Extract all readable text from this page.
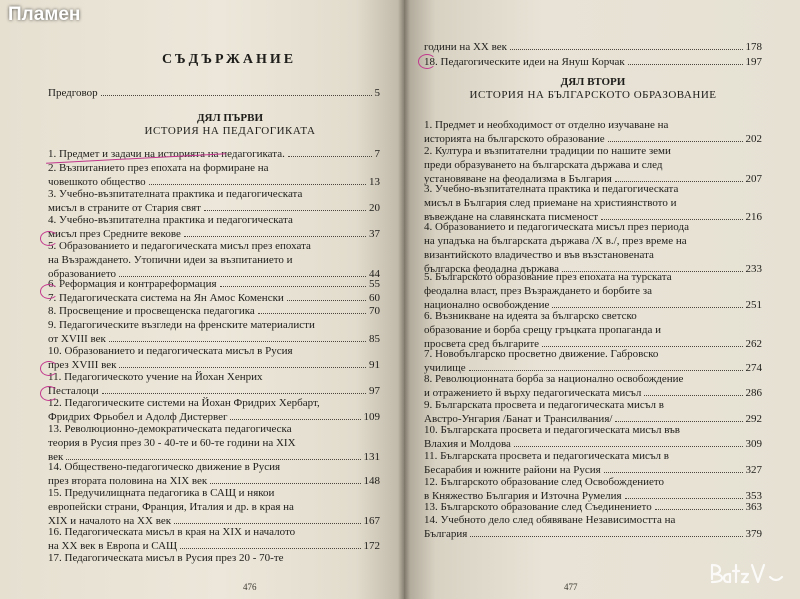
СЪДЪРЖАНИЕ
Предговор	5
ДЯЛ ПЪРВИ
ИСТОРИЯ НА ПЕДАГОГИКАТА
1. Предмет и задачи на историята на педагогиката.	7
2. Възпитанието през епохата на формиране на
човешкото общество	13
3. Учебно-възпитателната практика и педагогическата
мисъл в страните от Стария свят	20
4. Учебно-възпитателна практика и педагогическата
мисъл през Средните векове	37
5. Образованието и педагогическата мисъл през епохата
на Възраждането. Утопични идеи за възпитанието и
образованието	44
6. Реформация и контрареформация	55
7. Педагогическата система на Ян Амос Коменски	60
8. Просвещение и просвещенска педагогика	70
9. Педагогическите възгледи на френските материалисти
от XVIII век	85
10. Образованието и педагогическата мисъл в Русия
през XVIII век	91
11. Педагогическото учение на Йохан Хенрих
Песталоци	97
12. Педагогическите системи на Йохан Фридрих Хербарт,
Фридрих Фрьобел и Адолф Дистервег	109
13. Революционно-демократическата педагогическа
теория в Русия през 30 - 40-те и 60-те години на XIX
век	131
14. Обществено-педагогическо движение в Русия
през втората половина на XIX век	148
15. Предучилищната педагогика в САЩ и някои
европейски страни, Франция, Италия и др. в края на
XIX и началото на XX век	167
16. Педагогическата мисъл в края на XIX и началото
на XX век в Европа и САЩ	172
17. Педагогическата мисъл в Русия през 20 - 70-те
476
години на XX век	178
18. Педагогическите идеи на Януш Корчак	197
ДЯЛ ВТОРИ
ИСТОРИЯ НА БЪЛГАРСКОТО ОБРАЗОВАНИЕ
1. Предмет и необходимост от отделно изучаване на
историята на българското образование	202
2. Култура и възпитателни традиции по нашите земи
преди образуването на българската държава и след
установяване на феодализма в България	207
3. Учебно-възпитателната практика и педагогическата
мисъл в България след приемане на християнството и
въвеждане на славянската писменост	216
4. Образованието и педагогическата мисъл през периода
на упадъка на българската държава /X в./, през време на
византийското владичество и във възстановената
българска феодална държава	233
5. Българското образование през епохата на турската
феодална власт, през Възраждането и борбите за
национално освобождение	251
6. Възникване на идеята за българско светско
образование и борба срещу гръцката пропаганда и
просвета сред българите	262
7. Новобългарско просветно движение. Габровско
училище	274
8. Революционната борба за национално освобождение
и отражението й върху педагогическата мисъл	286
9. Българската просвета и педагогическата мисъл в
Австро-Унгария /Банат и Трансилвания/	292
10. Българската просвета и педагогическата мисъл във
Влахия и Молдова	309
11. Българската просвета и педагогическата мисъл в
Бесарабия и южните райони на Русия	327
12. Българското образование след Освобождението
в Княжество България и Източна Румелия	353
13. Българското образование след Съединението	363
14. Учебното дело след обявяване Независимостта на
България	379
477
Пламен
